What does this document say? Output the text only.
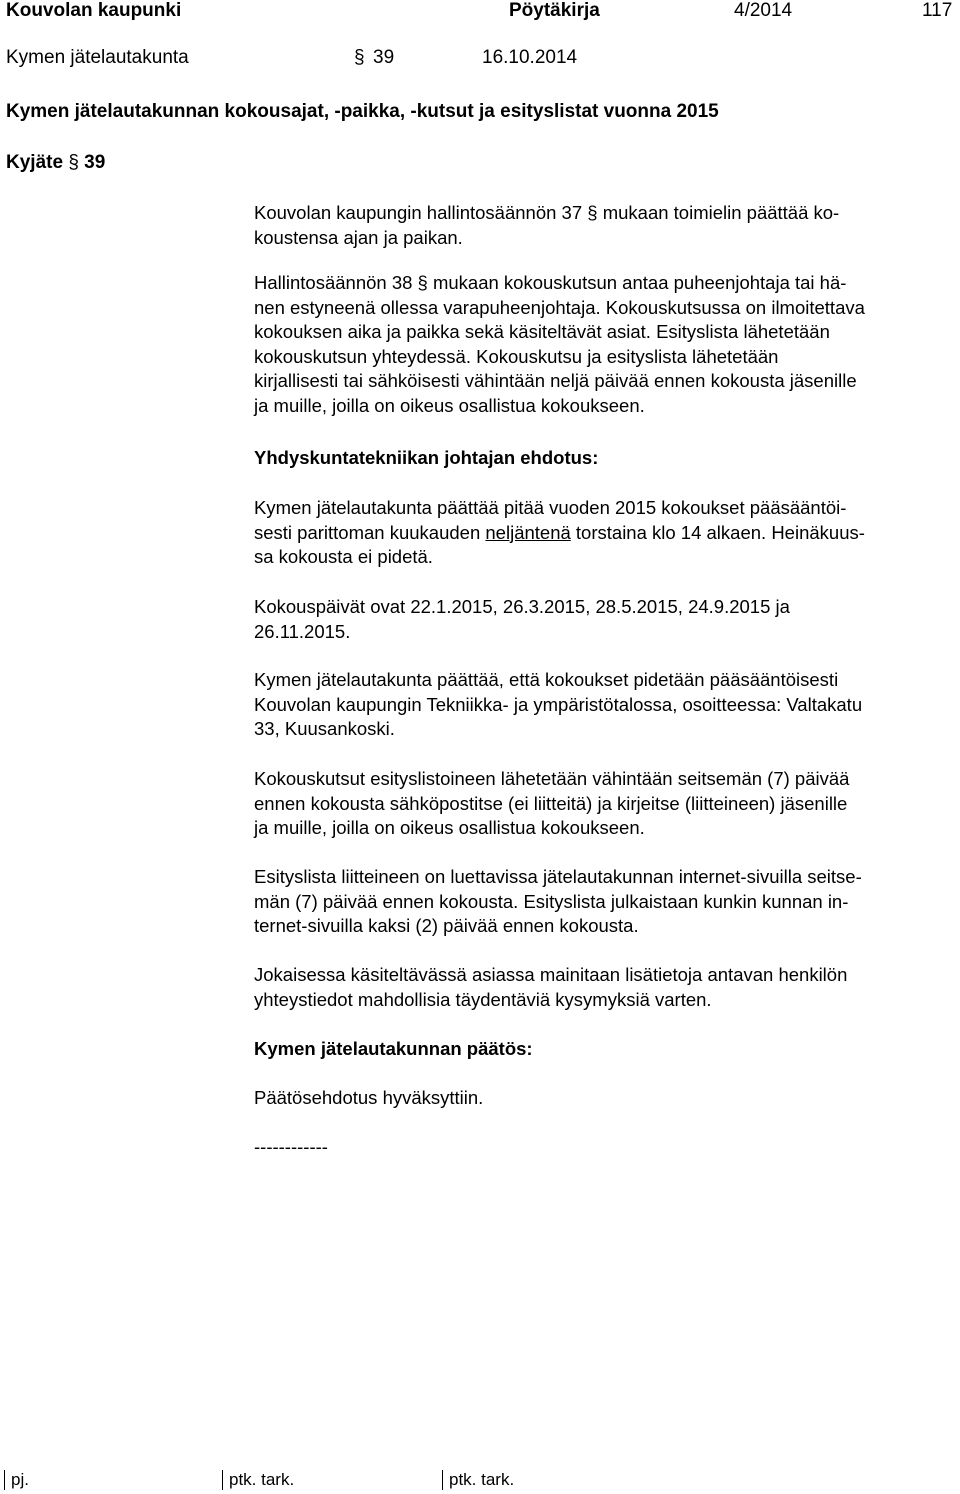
Kouvolan kaupunki	Pöytäkirja	4/2014	117
Kymen jätelautakunta	§ 39	16.10.2014
Kymen jätelautakunnan kokousajat, -paikka, -kutsut ja esityslistat vuonna 2015
Kyjäte § 39
Kouvolan kaupungin hallintosäännön 37 § mukaan toimielin päättää ko-
koustensa ajan ja paikan.
Hallintosäännön 38 § mukaan kokouskutsun antaa puheenjohtaja tai hä-
nen estyneenä ollessa varapuheenjohtaja. Kokouskutsussa on ilmoitettava
kokouksen aika ja paikka sekä käsiteltävät asiat. Esityslista lähetetään
kokouskutsun yhteydessä. Kokouskutsu ja esityslista lähetetään
kirjallisesti tai sähköisesti vähintään neljä päivää ennen kokousta jäsenille
ja muille, joilla on oikeus osallistua kokoukseen.
Yhdyskuntatekniikan johtajan ehdotus:
Kymen jätelautakunta päättää pitää vuoden 2015 kokoukset pääsääntöi-
sesti parittoman kuukauden neljäntenä torstaina klo 14 alkaen. Heinäkuus-
sa kokousta ei pidetä.
Kokouspäivät ovat 22.1.2015, 26.3.2015, 28.5.2015, 24.9.2015 ja
26.11.2015.
Kymen jätelautakunta päättää, että kokoukset pidetään pääsääntöisesti
Kouvolan kaupungin Tekniikka- ja ympäristötalossa, osoitteessa: Valtakatu
33, Kuusankoski.
Kokouskutsut esityslistoineen lähetetään vähintään seitsemän (7) päivää
ennen kokousta sähköpostitse (ei liitteitä) ja kirjeitse (liitteineen) jäsenille
ja muille, joilla on oikeus osallistua kokoukseen.
Esityslista liitteineen on luettavissa jätelautakunnan internet-sivuilla seitse-
män (7) päivää ennen kokousta. Esityslista julkaistaan kunkin kunnan in-
ternet-sivuilla kaksi (2) päivää ennen kokousta.
Jokaisessa käsiteltävässä asiassa mainitaan lisätietoja antavan henkilön
yhteystiedot mahdollisia täydentäviä kysymyksiä varten.
Kymen jätelautakunnan päätös:
Päätösehdotus hyväksyttiin.
------------
pj.	ptk. tark.	ptk. tark.
